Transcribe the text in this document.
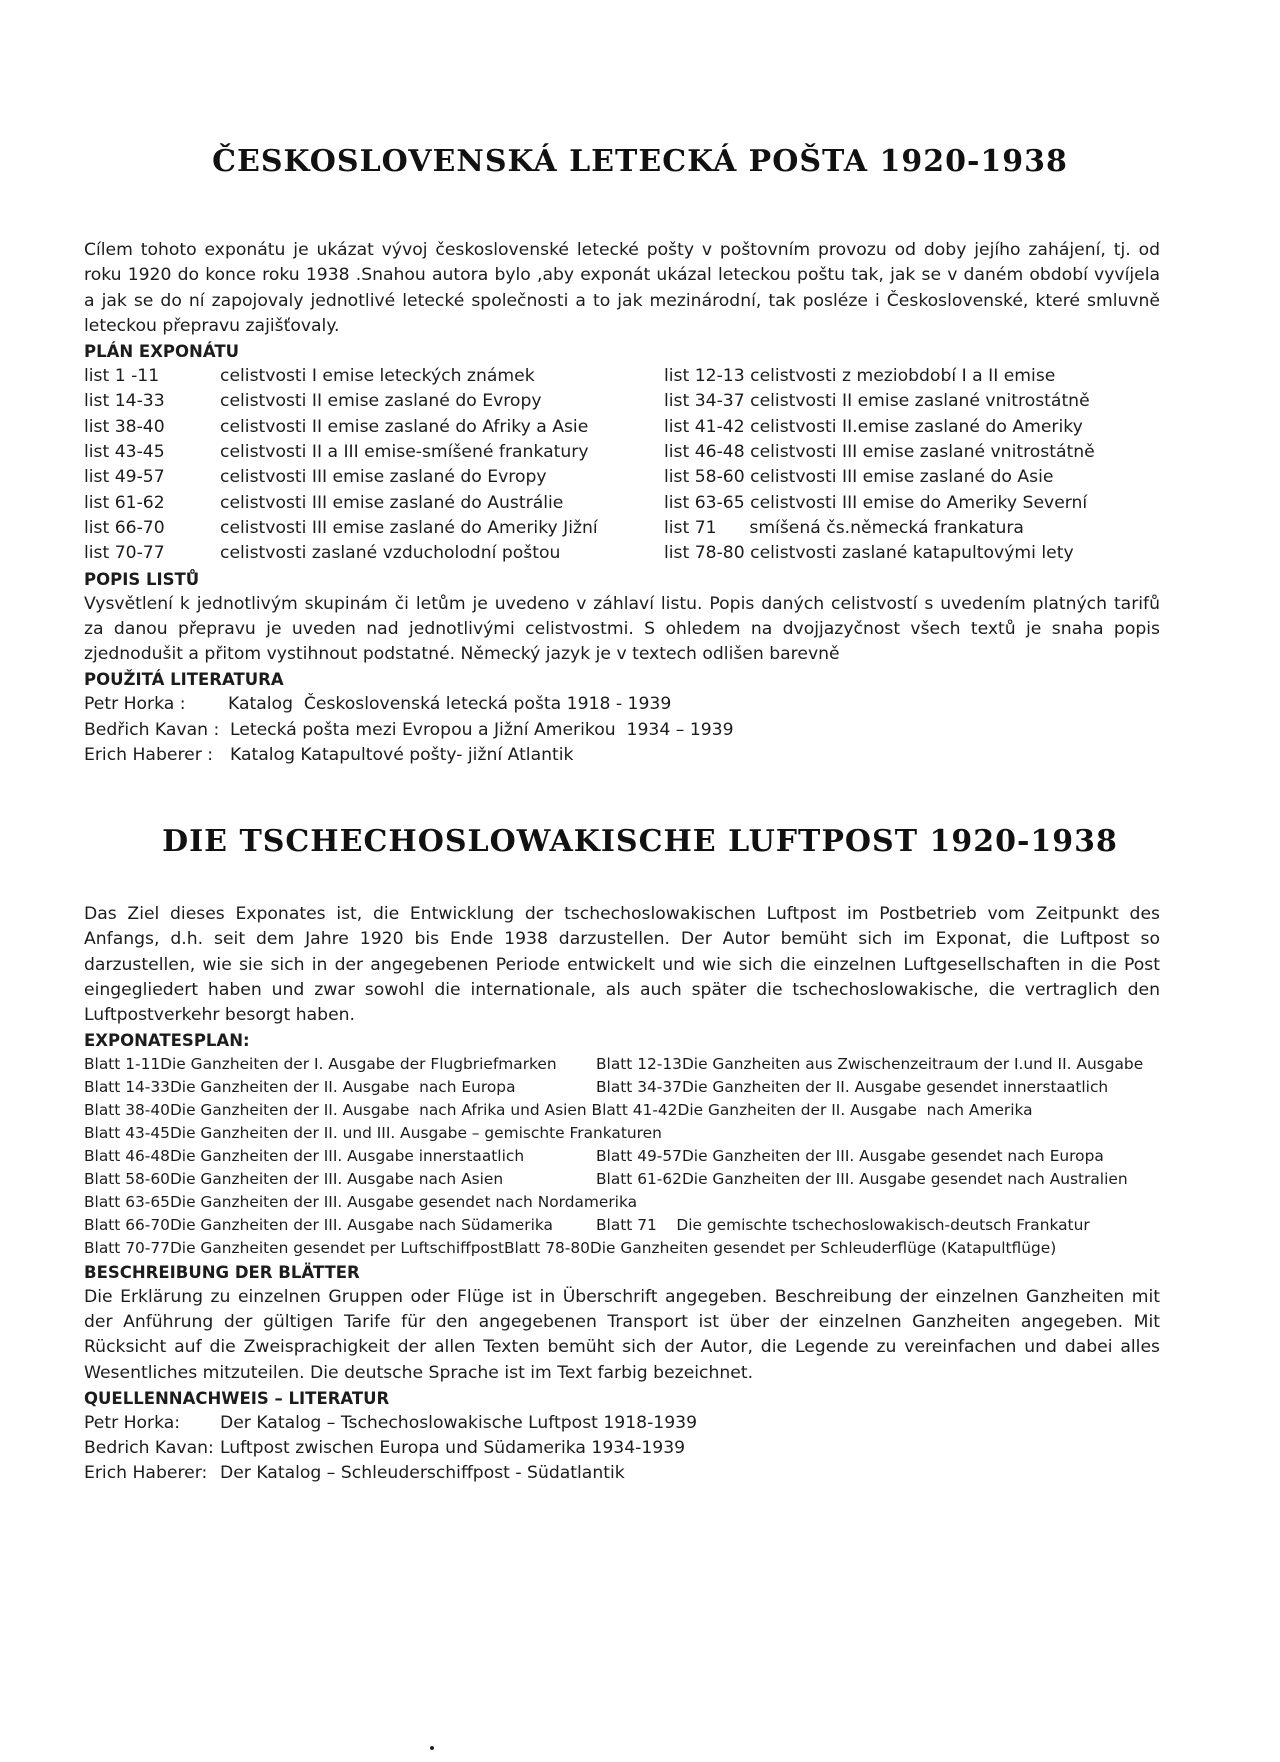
ČESKOSLOVENSKÁ LETECKÁ POŠTA 1920-1938

Cílem tohoto exponátu je ukázat vývoj československé letecké pošty v poštovním provozu od doby jejího zahájení, tj. od roku 1920 do konce roku 1938 .Snahou autora bylo ,aby exponát ukázal leteckou poštu tak, jak se v daném období vyvíjela a jak se do ní zapojovaly jednotlivé letecké společnosti a to jak mezinárodní, tak posléze i Československé, které smluvně leteckou přepravu zajišťovaly.

PLÁN EXPONÁTU
list 1 -11	celistvosti I emise leteckých známek	list 12-13 celistvosti z meziobdobí I a II emise
list 14-33	celistvosti II emise zaslané do Evropy	list 34-37 celistvosti II emise zaslané vnitrostátně
list 38-40	celistvosti II emise zaslané do Afriky a Asie	list 41-42 celistvosti II.emise zaslané do Ameriky
list 43-45	celistvosti II a III emise-smíšené frankatury	list 46-48 celistvosti III emise zaslané vnitrostátně
list 49-57	celistvosti III emise zaslané do Evropy	list 58-60 celistvosti III emise zaslané do Asie
list 61-62	celistvosti III emise zaslané do Austrálie	list 63-65 celistvosti III emise do Ameriky Severní
list 66-70	celistvosti III emise zaslané do Ameriky Jižní	list 71      smíšená čs.německá frankatura
list 70-77	celistvosti zaslané vzducholodní poštou	list 78-80 celistvosti zaslané katapultovými lety
POPIS LISTŮ

Vysvětlení k jednotlivým skupinám či letům je uvedeno v záhlaví listu. Popis daných celistvostí s uvedením platných tarifů za danou přepravu je uveden nad jednotlivými celistvostmi. S ohledem na dvojjazyčnost všech textů je snaha popis zjednodušit a přitom vystihnout podstatné. Německý jazyk je v textech odlišen barevně

POUŽITÁ LITERATURA
Petr Horka : Katalog  Československá letecká pošta 1918 - 1939
Bedřich Kavan : Letecká pošta mezi Evropou a Jižní Amerikou  1934 – 1939
Erich Haberer : Katalog Katapultové pošty- jižní Atlantik
DIE TSCHECHOSLOWAKISCHE LUFTPOST 1920-1938

Das Ziel dieses Exponates ist, die Entwicklung der tschechoslowakischen Luftpost im Postbetrieb vom Zeitpunkt des Anfangs, d.h. seit dem Jahre 1920 bis Ende 1938 darzustellen. Der Autor bemüht sich im Exponat, die Luftpost so darzustellen, wie sie sich in der angegebenen Periode entwickelt und wie sich die einzelnen Luftgesellschaften in die Post eingegliedert haben und zwar sowohl die internationale, als auch später die tschechoslowakische, die vertraglich den Luftpostverkehr besorgt haben.

EXPONATESPLAN:
Blatt 1-11Die Ganzheiten der I. Ausgabe der Flugbriefmarken	Blatt 12-13Die Ganzheiten aus Zwischenzeitraum der I.und II. Ausgabe
Blatt 14-33Die Ganzheiten der II. Ausgabe  nach Europa	Blatt 34-37Die Ganzheiten der II. Ausgabe gesendet innerstaatlich
Blatt 38-40Die Ganzheiten der II. Ausgabe  nach Afrika und Asien Blatt 41-42Die Ganzheiten der II. Ausgabe  nach Amerika	
Blatt 43-45Die Ganzheiten der II. und III. Ausgabe – gemischte Frankaturen	
Blatt 46-48Die Ganzheiten der III. Ausgabe innerstaatlich	Blatt 49-57Die Ganzheiten der III. Ausgabe gesendet nach Europa
Blatt 58-60Die Ganzheiten der III. Ausgabe nach Asien	Blatt 61-62Die Ganzheiten der III. Ausgabe gesendet nach Australien
Blatt 63-65Die Ganzheiten der III. Ausgabe gesendet nach Nordamerika	
Blatt 66-70Die Ganzheiten der III. Ausgabe nach Südamerika	Blatt 71    Die gemischte tschechoslowakisch-deutsch Frankatur
Blatt 70-77Die Ganzheiten gesendet per LuftschiffpostBlatt 78-80Die Ganzheiten gesendet per Schleuderflüge (Katapultflüge)	
BESCHREIBUNG DER BLÄTTER

Die Erklärung zu einzelnen Gruppen oder Flüge ist in Überschrift angegeben. Beschreibung der einzelnen Ganzheiten mit der Anführung der gültigen Tarife für den angegebenen Transport ist über der einzelnen Ganzheiten angegeben. Mit Rücksicht auf die Zweisprachigkeit der allen Texten bemüht sich der Autor, die Legende zu vereinfachen und dabei alles Wesentliches mitzuteilen. Die deutsche Sprache ist im Text farbig bezeichnet.

QUELLENNACHWEIS – LITERATUR
Petr Horka: Der Katalog – Tschechoslowakische Luftpost 1918-1939
Bedrich Kavan: Luftpost zwischen Europa und Südamerika 1934-1939
Erich Haberer: Der Katalog – Schleuderschiffpost - Südatlantik
